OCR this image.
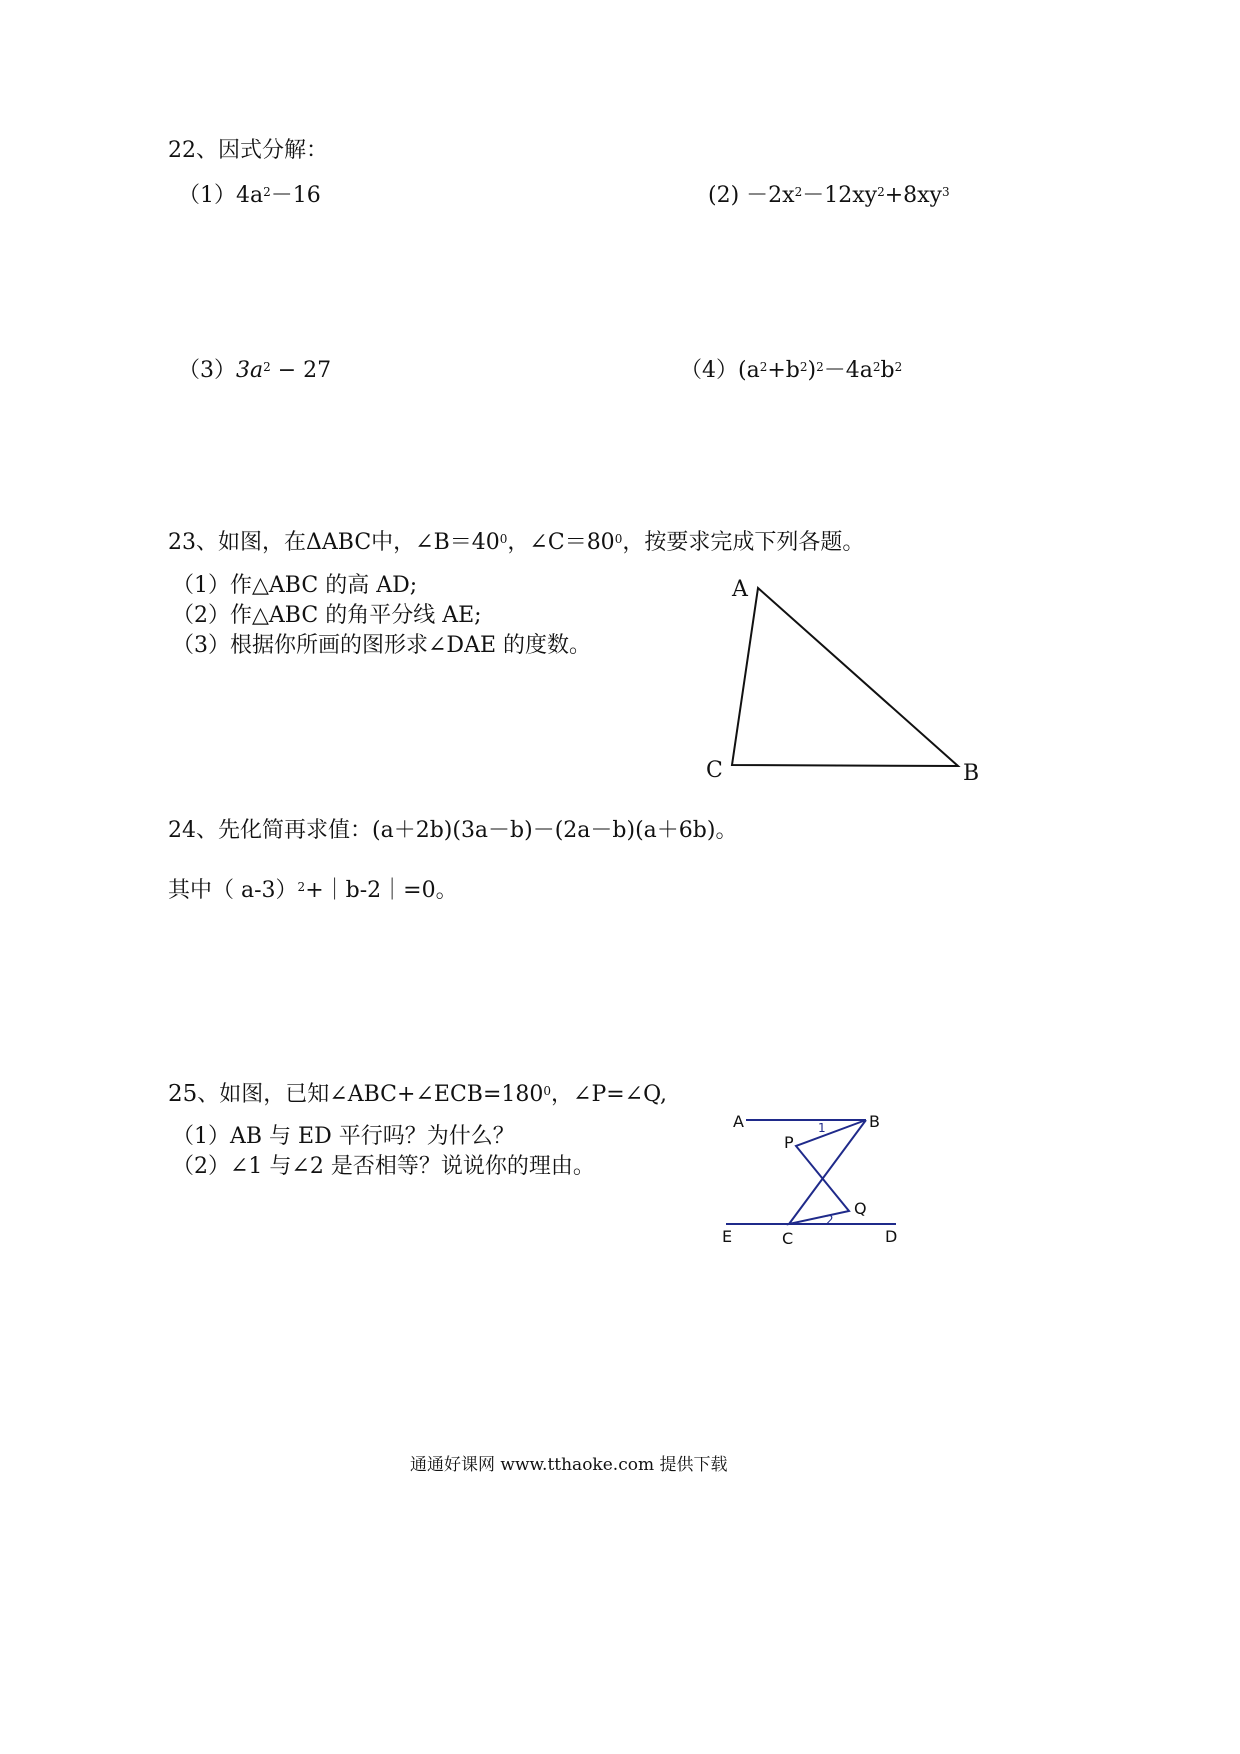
22、因式分解：
$(1)4a^2-16$	$(2) -2x^2-12xy^2+8xy^3$
$(3)3a^2 - 27$	$(4)(a^2+b^2)^2-4a^2b^2$
23、如图，在ΔABC中，$\angle B=40^0$，$\angle C=80^0$，按要求完成下列各题。
（1）作△ABC 的高 AD;
（2）作△ABC 的角平分线 AE;
（3）根据你所画的图形求∠DAE 的度数。
A
C	B
24、先化简再求值：(a＋2b)(3a－b)－(2a－b)(a＋6b)。
其中（ a-3）$^2$+｜b-2｜=0。
25、如图，已知$\angle ABC+\angle ECB=180^0$，∠P=∠Q,
（1）AB 与 ED 平行吗？为什么？
（2）∠1 与∠2 是否相等？说说你的理由。
A	B
P
Q
E	C	D
1
2
通通好课网 www.tthaoke.com 提供下载
